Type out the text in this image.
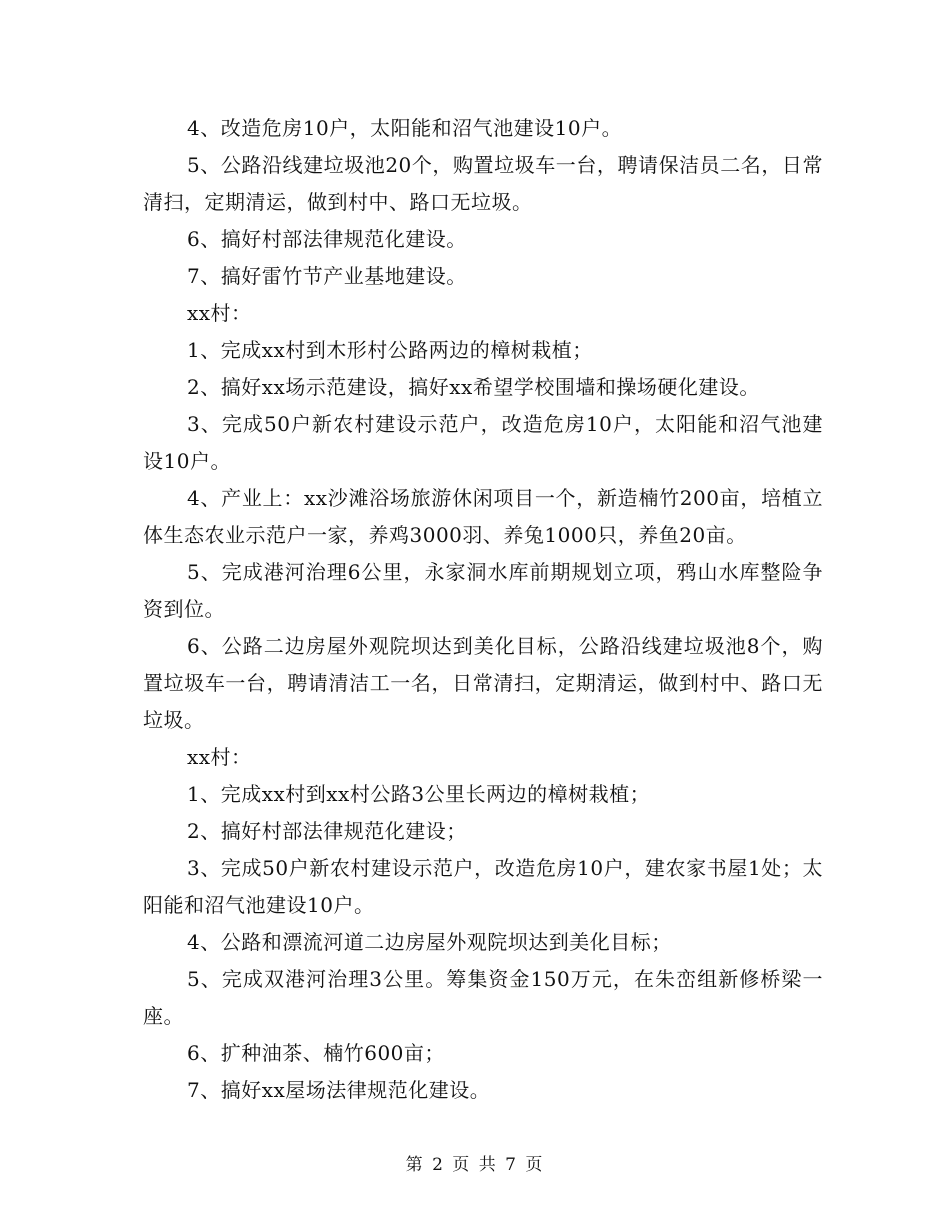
4、改造危房10户，太阳能和沼气池建设10户。

5、公路沿线建垃圾池20个，购置垃圾车一台，聘请保洁员二名，日常清扫，定期清运，做到村中、路口无垃圾。

6、搞好村部法律规范化建设。

7、搞好雷竹节产业基地建设。

xx村：

1、完成xx村到木形村公路两边的樟树栽植；

2、搞好xx场示范建设，搞好xx希望学校围墙和操场硬化建设。

3、完成50户新农村建设示范户，改造危房10户，太阳能和沼气池建设10户。

4、产业上：xx沙滩浴场旅游休闲项目一个，新造楠竹200亩，培植立体生态农业示范户一家，养鸡3000羽、养兔1000只，养鱼20亩。

5、完成港河治理6公里，永家洞水库前期规划立项，鸦山水库整险争资到位。

6、公路二边房屋外观院坝达到美化目标，公路沿线建垃圾池8个，购置垃圾车一台，聘请清洁工一名，日常清扫，定期清运，做到村中、路口无垃圾。

xx村：

1、完成xx村到xx村公路3公里长两边的樟树栽植；

2、搞好村部法律规范化建设；

3、完成50户新农村建设示范户，改造危房10户，建农家书屋1处；太阳能和沼气池建设10户。

4、公路和漂流河道二边房屋外观院坝达到美化目标；

5、完成双港河治理3公里。筹集资金150万元，在朱峦组新修桥梁一座。

6、扩种油茶、楠竹600亩；

7、搞好xx屋场法律规范化建设。

第 2 页 共 7 页
